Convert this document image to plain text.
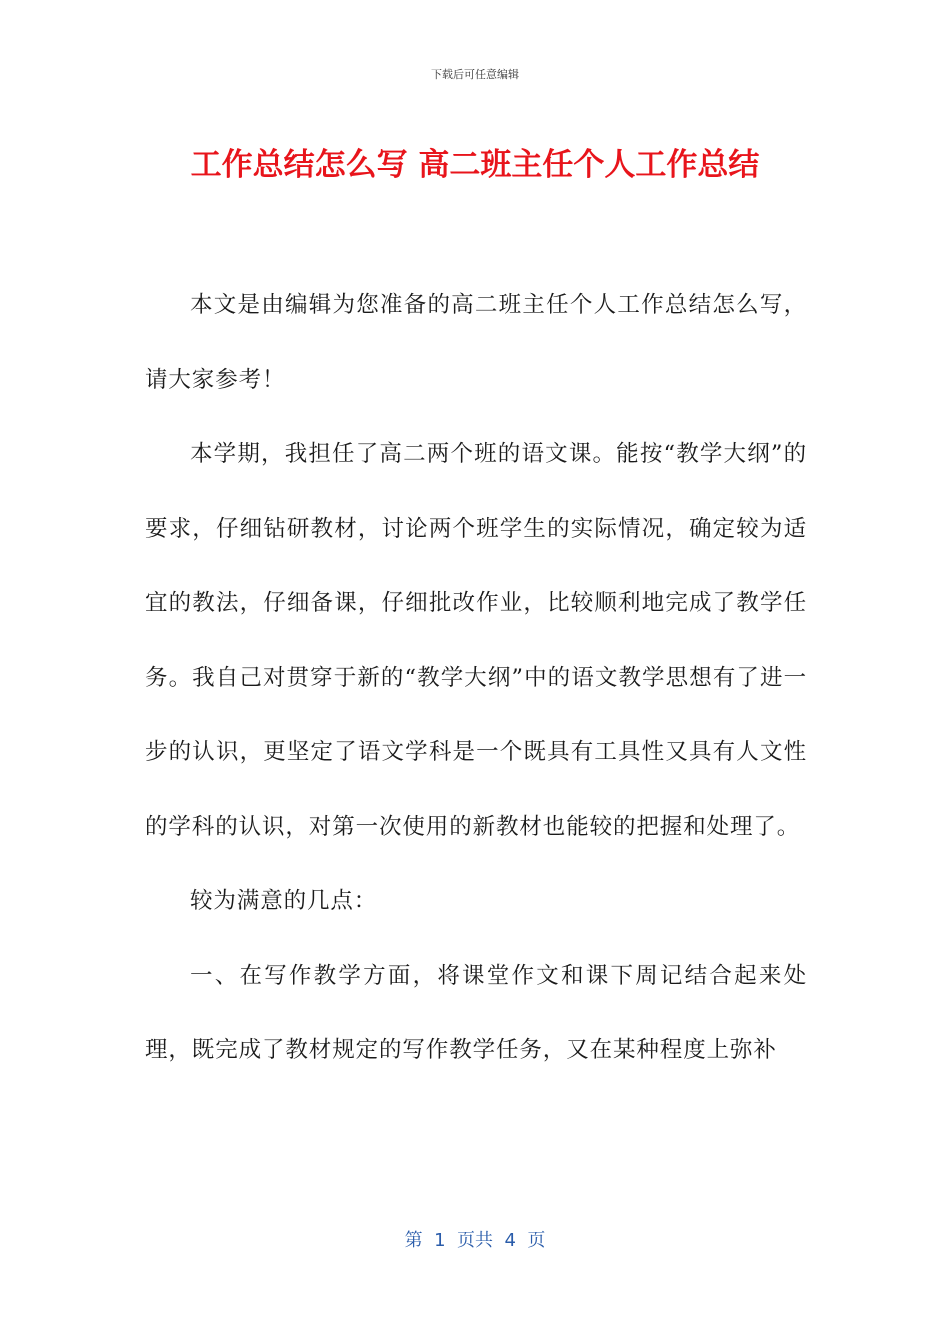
下载后可任意编辑
工作总结怎么写 高二班主任个人工作总结

本文是由编辑为您准备的高二班主任个人工作总结怎么写，请大家参考！

本学期，我担任了高二两个班的语文课。能按“教学大纲”的要求，仔细钻研教材，讨论两个班学生的实际情况，确定较为适宜的教法，仔细备课，仔细批改作业，比较顺利地完成了教学任务。我自己对贯穿于新的“教学大纲”中的语文教学思想有了进一步的认识，更坚定了语文学科是一个既具有工具性又具有人文性的学科的认识，对第一次使用的新教材也能较的把握和处理了。

较为满意的几点：

一、在写作教学方面，将课堂作文和课下周记结合起来处理，既完成了教材规定的写作教学任务，又在某种程度上弥补

第  1  页共  4  页
